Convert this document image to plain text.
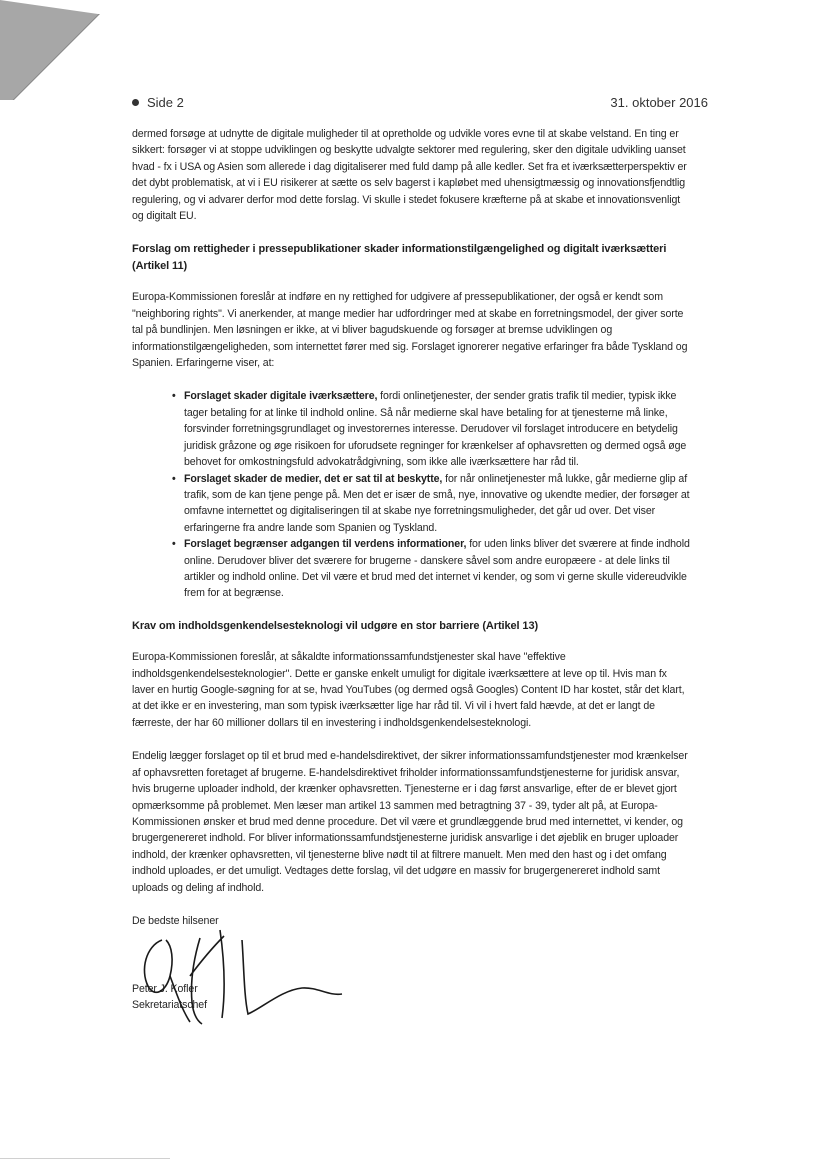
Side 2	31. oktober 2016

dermed forsøge at udnytte de digitale muligheder til at opretholde og udvikle vores evne til at skabe velstand. En ting er sikkert: forsøger vi at stoppe udviklingen og beskytte udvalgte sektorer med regulering, sker den digitale udvikling uanset hvad - fx i USA og Asien som allerede i dag digitaliserer med fuld damp på alle kedler. Set fra et iværksætterperspektiv er det dybt problematisk, at vi i EU risikerer at sætte os selv bagerst i kapløbet med uhensigtmæssig og innovationsfjendtlig regulering, og vi advarer derfor mod dette forslag. Vi skulle i stedet fokusere kræfterne på at skabe et innovationsvenligt og digitalt EU.

Forslag om rettigheder i pressepublikationer skader informationstilgængelighed og digitalt iværksætteri (Artikel 11)

Europa-Kommissionen foreslår at indføre en ny rettighed for udgivere af pressepublikationer, der også er kendt som "neighboring rights". Vi anerkender, at mange medier har udfordringer med at skabe en forretningsmodel, der giver sorte tal på bundlinjen. Men løsningen er ikke, at vi bliver bagudskuende og forsøger at bremse udviklingen og informationstilgængeligheden, som internettet fører med sig. Forslaget ignorerer negative erfaringer fra både Tyskland og Spanien. Erfaringerne viser, at:

• Forslaget skader digitale iværksættere, fordi onlinetjenester, der sender gratis trafik til medier, typisk ikke tager betaling for at linke til indhold online. Så når medierne skal have betaling for at tjenesterne må linke, forsvinder forretningsgrundlaget og investorernes interesse. Derudover vil forslaget introducere en betydelig juridisk gråzone og øge risikoen for uforudsete regninger for krænkelser af ophavsretten og dermed også øge behovet for omkostningsfuld advokatrådgivning, som ikke alle iværksættere har råd til.
• Forslaget skader de medier, det er sat til at beskytte, for når onlinetjenester må lukke, går medierne glip af trafik, som de kan tjene penge på. Men det er især de små, nye, innovative og ukendte medier, der forsøger at omfavne internettet og digitaliseringen til at skabe nye forretningsmuligheder, det går ud over. Det viser erfaringerne fra andre lande som Spanien og Tyskland.
• Forslaget begrænser adgangen til verdens informationer, for uden links bliver det sværere at finde indhold online. Derudover bliver det sværere for brugerne - danskere såvel som andre europæere - at dele links til artikler og indhold online. Det vil være et brud med det internet vi kender, og som vi gerne skulle videreudvikle frem for at begrænse.
Krav om indholdsgenkendelsesteknologi vil udgøre en stor barriere (Artikel 13)

Europa-Kommissionen foreslår, at såkaldte informationssamfundstjenester skal have "effektive indholdsgenkendelsesteknologier". Dette er ganske enkelt umuligt for digitale iværksættere at leve op til. Hvis man fx laver en hurtig Google-søgning for at se, hvad YouTubes (og dermed også Googles) Content ID har kostet, står det klart, at det ikke er en investering, man som typisk iværksætter lige har råd til. Vi vil i hvert fald hævde, at det er langt de færreste, der har 60 millioner dollars til en investering i indholdsgenkendelsesteknologi.

Endelig lægger forslaget op til et brud med e-handelsdirektivet, der sikrer informationssamfundstjenester mod krænkelser af ophavsretten foretaget af brugerne. E-handelsdirektivet friholder informationssamfundstjenesterne for juridisk ansvar, hvis brugerne uploader indhold, der krænker ophavsretten. Tjenesterne er i dag først ansvarlige, efter de er blevet gjort opmærksomme på problemet. Men læser man artikel 13 sammen med betragtning 37 - 39, tyder alt på, at Europa-Kommissionen ønsker et brud med denne procedure. Det vil være et grundlæggende brud med internettet, vi kender, og brugergenereret indhold. For bliver informationssamfundstjenesterne juridisk ansvarlige i det øjeblik en bruger uploader indhold, der krænker ophavsretten, vil tjenesterne blive nødt til at filtrere manuelt. Men med den hast og i det omfang indhold uploades, er det umuligt. Vedtages dette forslag, vil det udgøre en massiv for brugergenereret indhold samt uploads og deling af indhold.

De bedste hilsener
Peter J. Kofler
Sekretariatschef
